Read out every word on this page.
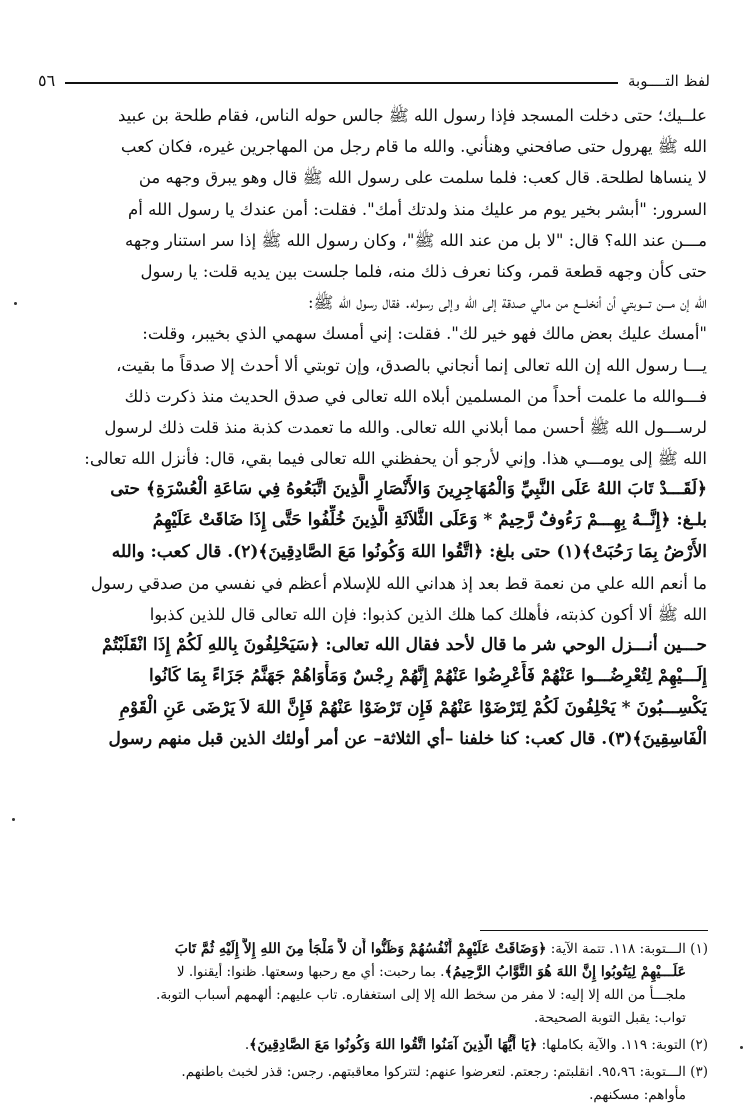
لفظ التــــوبة
٥٦
علــيك؛ حتى دخلت المسجد فإذا رسول الله ﷺ جالس حوله الناس، فقام طلحة بن عبيد
الله ﷺ يهرول حتى صافحني وهنأني. والله ما قام رجل من المهاجرين غيره، فكان كعب
لا ينساها لطلحة. قال كعب: فلما سلمت على رسول الله ﷺ قال وهو يبرق وجهه من
السرور: "أبشر بخير يوم مر عليك منذ ولدتك أمك". فقلت: أمن عندك يا رسول الله أم
مـــن عند الله؟ قال: "لا بل من عند الله ﷺ"، وكان رسول الله ﷺ إذا سر استنار وجهه
حتى كأن وجهه قطعة قمر، وكنا نعرف ذلك منه، فلما جلست بين يديه قلت: يا رسول
الله إن مـــن تـــوبتي أن أنخلـــع من مالي صدقة إلى الله وإلى رسوله. فقال رسول الله ﷺ:
"أمسك عليك بعض مالك فهو خير لك". فقلت: إني أمسك سهمي الذي بخيبر، وقلت:
يـــا رسول الله إن الله تعالى إنما أنجاني بالصدق، وإن توبتي ألا أحدث إلا صدقاً ما بقيت،
فـــوالله ما علمت أحداً من المسلمين أبلاه الله تعالى في صدق الحديث منذ ذكرت ذلك
لرســـول الله ﷺ أحسن مما أبلاني الله تعالى. والله ما تعمدت كذبة منذ قلت ذلك لرسول
الله ﷺ إلى يومـــي هذا. وإني لأرجو أن يحفظني الله تعالى فيما بقي، قال: فأنزل الله تعالى:
﴿لَقَـــدْ تَابَ اللهُ عَلَى النَّبِيِّ وَالْمُهَاجِرِينَ وَالأَنْصَارِ الَّذِينَ اتَّبَعُوهُ فِي سَاعَةِ الْعُسْرَةِ﴾ حتى
بلـغ: ﴿إِنَّــهُ بِهِـــمْ رَءُوفٌ رَّحِيمٌ * وَعَلَى الثَّلاَثَةِ الَّذِينَ خُلِّفُوا حَتَّى إِذَا ضَاقَتْ عَلَيْهِمُ
الأَرْضُ بِمَا رَحُبَتْ﴾(١) حتى بلغ: ﴿اتَّقُوا اللهَ وَكُونُوا مَعَ الصَّادِقِينَ﴾(٢). قال كعب: والله
ما أنعم الله علي من نعمة قط بعد إذ هداني الله للإسلام أعظم في نفسي من صدقي رسول
الله ﷺ ألا أكون كذبته، فأهلك كما هلك الذين كذبوا: فإن الله تعالى قال للذين كذبوا
حـــين أنـــزل الوحي شر ما قال لأحد فقال الله تعالى: ﴿سَيَحْلِفُونَ بِاللهِ لَكُمْ إِذَا انْقَلَبْتُمْ
إِلَـــيْهِمْ لِتُعْرِضُـــوا عَنْهُمْ فَأَعْرِضُوا عَنْهُمْ إِنَّهُمْ رِجْسٌ وَمَأْوَاهُمْ جَهَنَّمُ جَزَاءً بِمَا كَانُوا
يَكْسِـــبُونَ * يَحْلِفُونَ لَكُمْ لِتَرْضَوْا عَنْهُمْ فَإِن تَرْضَوْا عَنْهُمْ فَإِنَّ اللهَ لاَ يَرْضَى عَنِ الْقَوْمِ
الْفَاسِقِينَ﴾(٣). قال كعب: كنا خلفنا –أي الثلاثة– عن أمر أولئك الذين قبل منهم رسول
(١) الـــتوبة: ١١٨. تتمة الآية: ﴿وَضَاقَتْ عَلَيْهِمْ أَنْفُسُهُمْ وَظَنُّوا أَن لاَّ مَلْجَأَ مِنَ اللهِ إِلاَّ إِلَيْهِ ثُمَّ تَابَ
عَلَـــيْهِمْ لِيَتُوبُوا إِنَّ اللهَ هُوَ التَّوَّابُ الرَّحِيمُ﴾. بما رحبت: أي مع رحبها وسعتها. ظنوا: أيقنوا. لا
ملجـــأ من الله إلا إليه: لا مفر من سخط الله إلا إلى استغفاره. تاب عليهم: ألهمهم أسباب التوبة.
تواب: يقبل التوبة الصحيحة.
(٢) التوبة: ١١٩. والآية بكاملها: ﴿يَا أَيُّهَا الَّذِينَ آمَنُوا اتَّقُوا اللهَ وَكُونُوا مَعَ الصَّادِقِينَ﴾.
(٣) الـــتوبة: ٩٥،٩٦. انقلبتم: رجعتم. لتعرضوا عنهم: لتتركوا معاقبتهم. رجس: قذر لخبث باطنهم.
مأواهم: مسكنهم.
